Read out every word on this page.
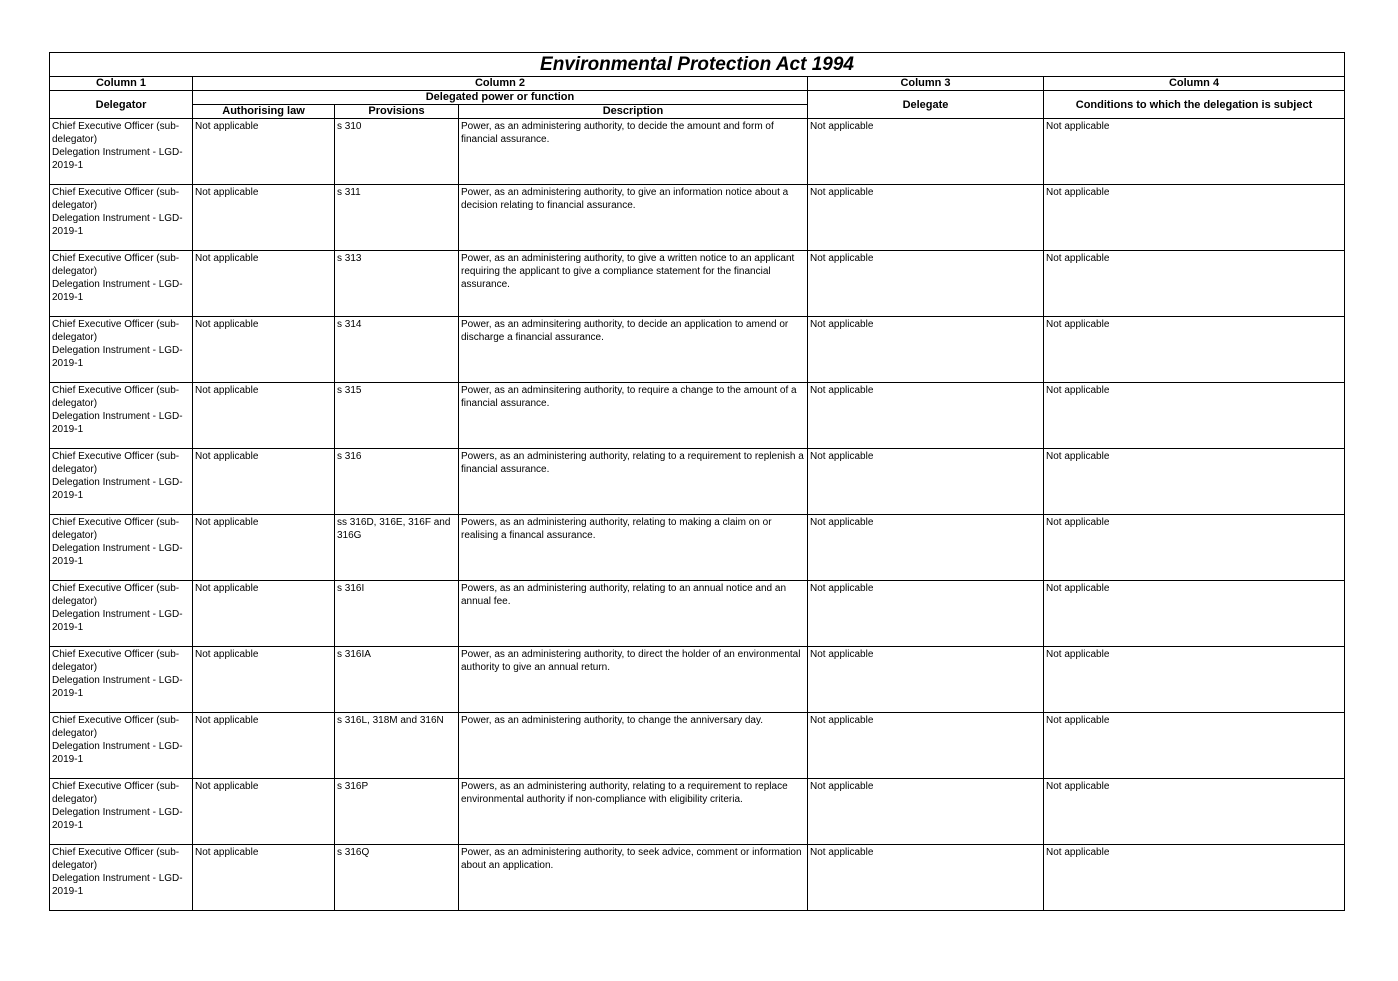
Environmental Protection Act 1994					
Column 1	Column 2			Column 3	Column 4
Delegator	Delegated power or function			Delegate	Conditions to which the delegation is subject
	Authorising law	Provisions	Description		
Chief Executive Officer (sub-delegator)
Delegation Instrument - LGD-2019-1	Not applicable	s 310	Power, as an administering authority, to decide the amount and form of financial assurance.	Not applicable	Not applicable
Chief Executive Officer (sub-delegator)
Delegation Instrument - LGD-2019-1	Not applicable	s 311	Power, as an administering authority, to give an information notice about a decision relating to financial assurance.	Not applicable	Not applicable
Chief Executive Officer (sub-delegator)
Delegation Instrument - LGD-2019-1	Not applicable	s 313	Power, as an administering authority, to give a written notice to an applicant requiring the applicant to give a compliance statement for the financial assurance.	Not applicable	Not applicable
Chief Executive Officer (sub-delegator)
Delegation Instrument - LGD-2019-1	Not applicable	s 314	Power, as an adminsitering authority, to decide an application to amend or discharge a financial assurance.	Not applicable	Not applicable
Chief Executive Officer (sub-delegator)
Delegation Instrument - LGD-2019-1	Not applicable	s 315	Power, as an adminsitering authority, to require a change to the amount of a financial assurance.	Not applicable	Not applicable
Chief Executive Officer (sub-delegator)
Delegation Instrument - LGD-2019-1	Not applicable	s 316	Powers, as an administering authority, relating to a requirement to replenish a financial assurance.	Not applicable	Not applicable
Chief Executive Officer (sub-delegator)
Delegation Instrument - LGD-2019-1	Not applicable	ss 316D, 316E, 316F and 316G	Powers, as an administering authority, relating to making a claim on or realising a financal assurance.	Not applicable	Not applicable
Chief Executive Officer (sub-delegator)
Delegation Instrument - LGD-2019-1	Not applicable	s 316I	Powers, as an administering authority, relating to an annual notice and an annual fee.	Not applicable	Not applicable
Chief Executive Officer (sub-delegator)
Delegation Instrument - LGD-2019-1	Not applicable	s 316IA	Power, as an administering authority, to direct the holder of an environmental authority to give an annual return.	Not applicable	Not applicable
Chief Executive Officer (sub-delegator)
Delegation Instrument - LGD-2019-1	Not applicable	s 316L, 318M and 316N	Power, as an administering authority, to change the anniversary day.	Not applicable	Not applicable
Chief Executive Officer (sub-delegator)
Delegation Instrument - LGD-2019-1	Not applicable	s 316P	Powers, as an administering authority, relating to a requirement to replace environmental authority if non-compliance with eligibility criteria.	Not applicable	Not applicable
Chief Executive Officer (sub-delegator)
Delegation Instrument - LGD-2019-1	Not applicable	s 316Q	Power, as an administering authority, to seek advice, comment or information about an application.	Not applicable	Not applicable
